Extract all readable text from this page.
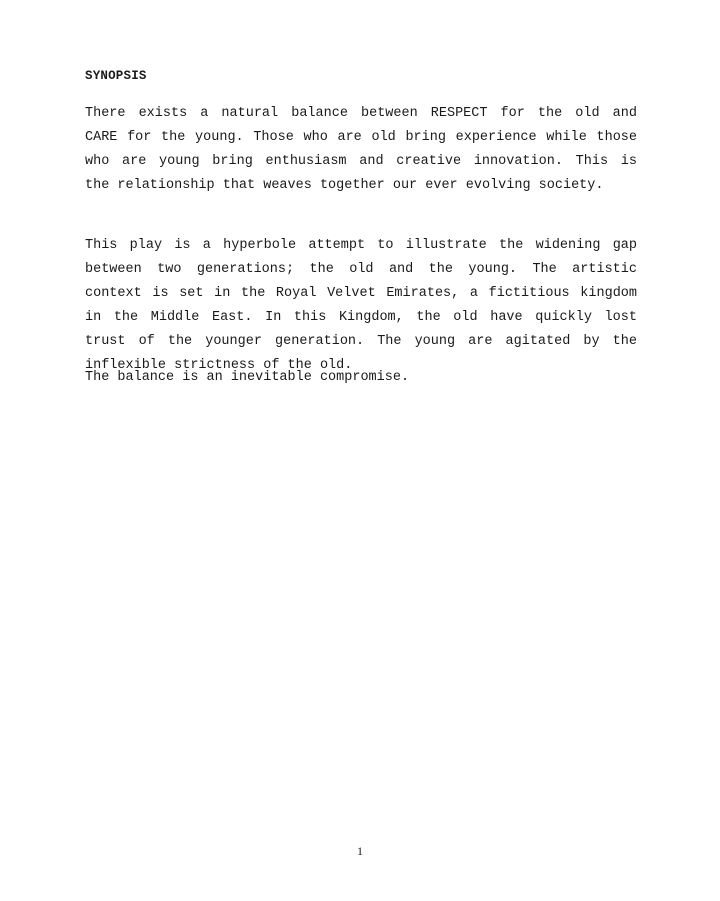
SYNOPSIS
There exists a natural balance between RESPECT for the old and
CARE for the young. Those who are old bring experience while those
who are young bring enthusiasm and creative innovation. This is
the relationship that weaves together our ever evolving society.
This play is a hyperbole attempt to illustrate the widening gap
between two generations; the old and the young. The artistic
context is set in the Royal Velvet Emirates, a fictitious kingdom
in the Middle East. In this Kingdom, the old have quickly lost
trust of the younger generation. The young are agitated by the
inflexible strictness of the old.
The balance is an inevitable compromise.
1
